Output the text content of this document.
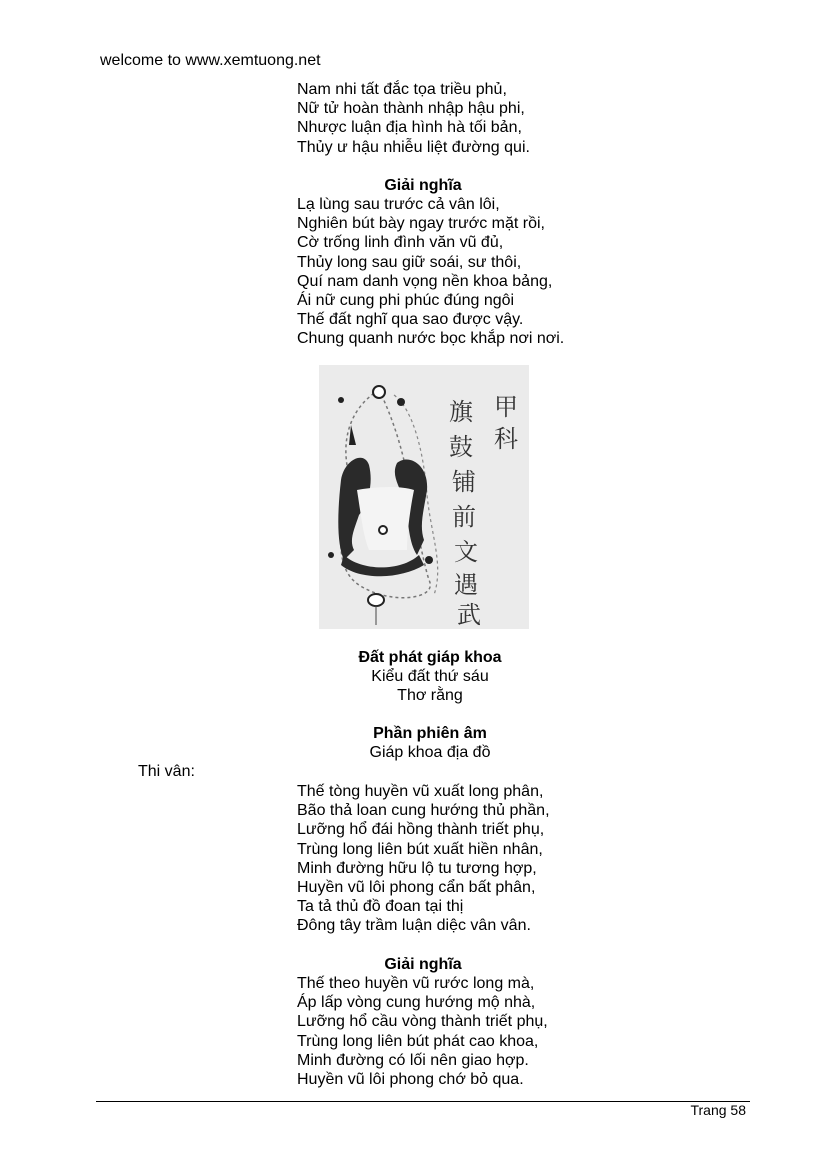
welcome to www.xemtuong.net
Nam nhi tất đắc tọa triều phủ,
Nữ tử hoàn thành nhập hậu phi,
Nhược luận địa hình hà tối bản,
Thủy ư hậu nhiễu liệt đường qui.
Giải nghĩa
Lạ lùng sau trước cả vân lôi,
Nghiên bút bày ngay trước mặt rồi,
Cờ trống linh đình văn vũ đủ,
Thủy long sau giữ soái, sư thôi,
Quí nam danh vọng nền khoa bảng,
Ái nữ cung phi phúc đúng ngôi
Thế đất nghĩ qua sao được vậy.
Chung quanh nước bọc khắp nơi nơi.
甲
科
旗
鼓
铺
前
文
遇
武
Đất phát giáp khoa
Kiểu đất thứ sáu
Thơ rằng
Phần phiên âm
Giáp khoa địa đồ
Thi vân:
Thế tòng huyền vũ xuất long phân,
Bão thả loan cung hướng thủ phần,
Lưỡng hổ đái hồng thành triết phụ,
Trùng long liên bút xuất hiền nhân,
Minh đường hữu lộ tu tương hợp,
Huyền vũ lôi phong cẩn bất phân,
Ta tả thủ đồ đoan tại thị
Đông tây trầm luận diệc vân vân.
Giải nghĩa
Thế theo huyền vũ rước long mà,
Áp lấp vòng cung hướng mộ nhà,
Lưỡng hổ cầu vòng thành triết phụ,
Trùng long liên bút phát cao khoa,
Minh đường có lối nên giao hợp.
Huyền vũ lôi phong chớ bỏ qua.
Trang 58
